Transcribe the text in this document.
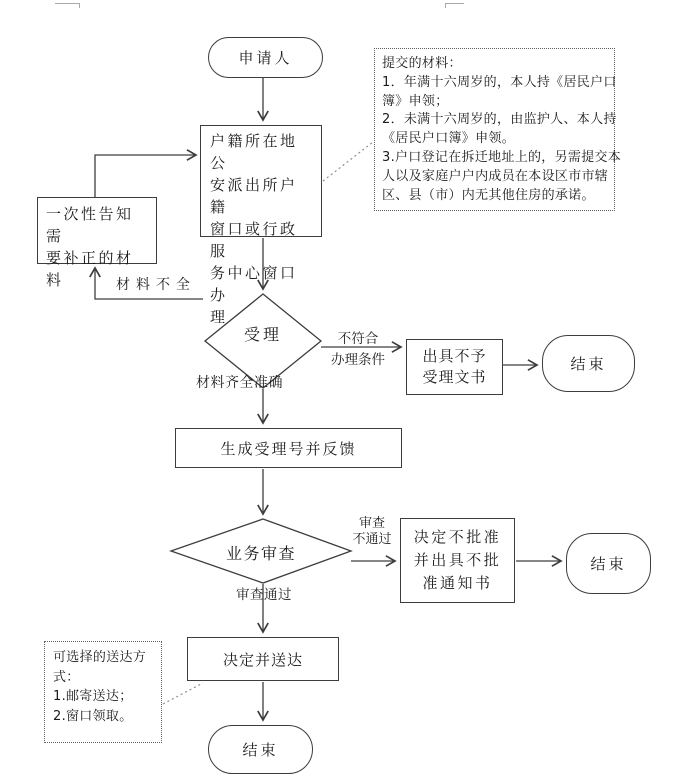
申请人	提交的材料：
1．年满十六周岁的，本人持《居民户口
簿》申领；
2．未满十六周岁的，由监护人、本人持
《居民户口簿》申领。
3.户口登记在拆迁地址上的，另需提交本
人以及家庭户户内成员在本设区市市辖
区、县（市）内无其他住房的承诺。
户籍所在地公
安派出所户籍
窗口或行政服
务中心窗口办
理
一次性告知需
要补正的材料	材料不全
受理	不符合
办理条件 出具不予
受理文书
结束
材料齐全准确
生成受理号并反馈
业务审查
审查
不通过	决定不批准
并出具不批
准通知书
结束
审查通过
决定并送达
可选择的送达方
式：
1.邮寄送达；
2.窗口领取。
结束
